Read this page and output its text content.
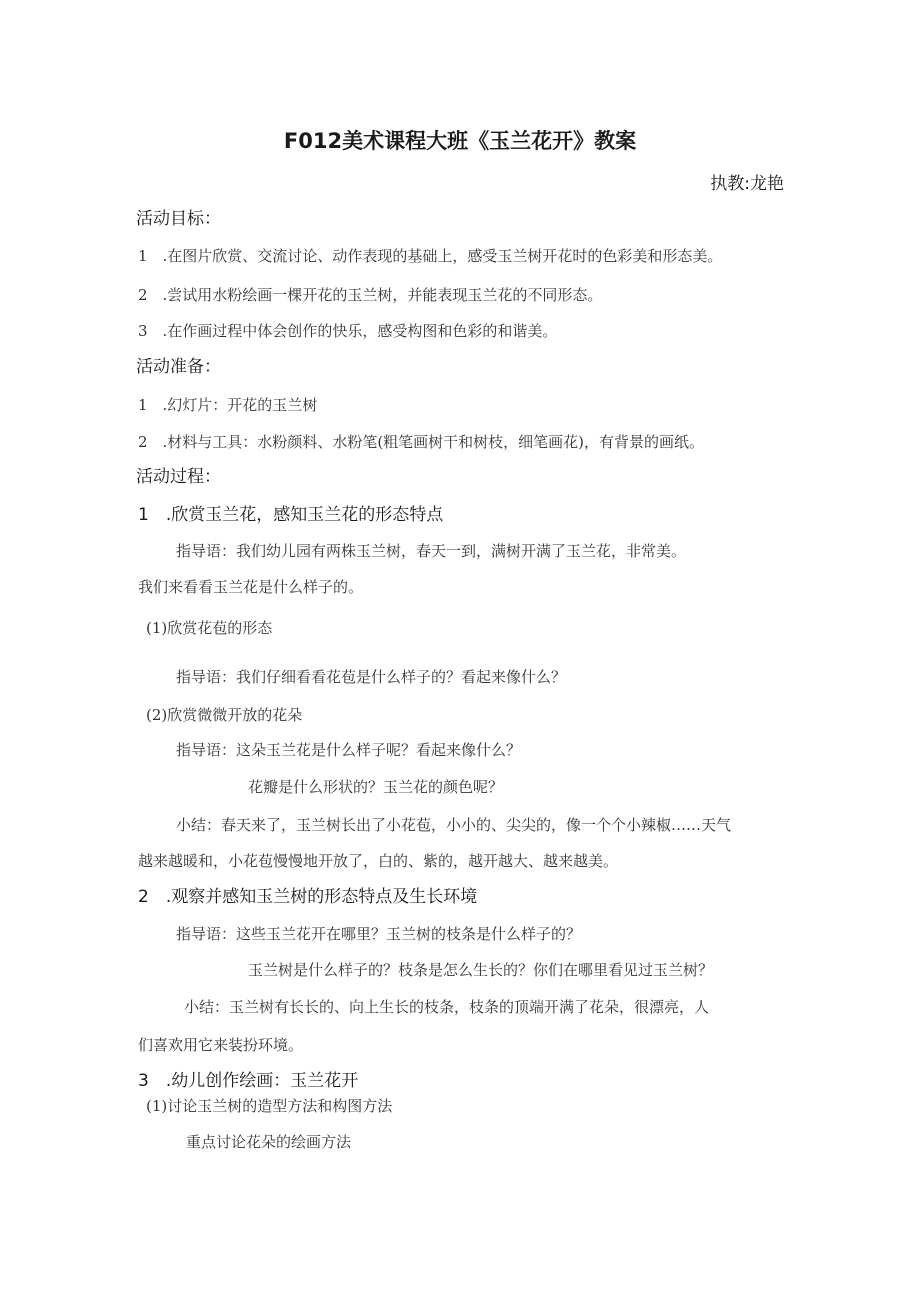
F012美术课程大班《玉兰花开》教案
执教:龙艳
活动目标：
1　.在图片欣赏、交流讨论、动作表现的基础上，感受玉兰树开花时的色彩美和形态美。
2　.尝试用水粉绘画一棵开花的玉兰树，并能表现玉兰花的不同形态。
3　.在作画过程中体会创作的快乐，感受构图和色彩的和谐美。
活动准备：
1　.幻灯片：开花的玉兰树
2　.材料与工具：水粉颜料、水粉笔(粗笔画树干和树枝，细笔画花)，有背景的画纸。
活动过程：
1　.欣赏玉兰花，感知玉兰花的形态特点
指导语：我们幼儿园有两株玉兰树，春天一到，满树开满了玉兰花，非常美。
我们来看看玉兰花是什么样子的。
(1)欣赏花苞的形态
指导语：我们仔细看看花苞是什么样子的？看起来像什么？
(2)欣赏微微开放的花朵
指导语：这朵玉兰花是什么样子呢？看起来像什么？
花瓣是什么形状的？玉兰花的颜色呢？
小结：春天来了，玉兰树长出了小花苞，小小的、尖尖的，像一个个小辣椒……天气
越来越暖和，小花苞慢慢地开放了，白的、紫的，越开越大、越来越美。
2　.观察并感知玉兰树的形态特点及生长环境
指导语：这些玉兰花开在哪里？玉兰树的枝条是什么样子的？
玉兰树是什么样子的？枝条是怎么生长的？你们在哪里看见过玉兰树？
小结：玉兰树有长长的、向上生长的枝条，枝条的顶端开满了花朵，很漂亮，人
们喜欢用它来装扮环境。
3　.幼儿创作绘画：玉兰花开
(1)讨论玉兰树的造型方法和构图方法
重点讨论花朵的绘画方法
